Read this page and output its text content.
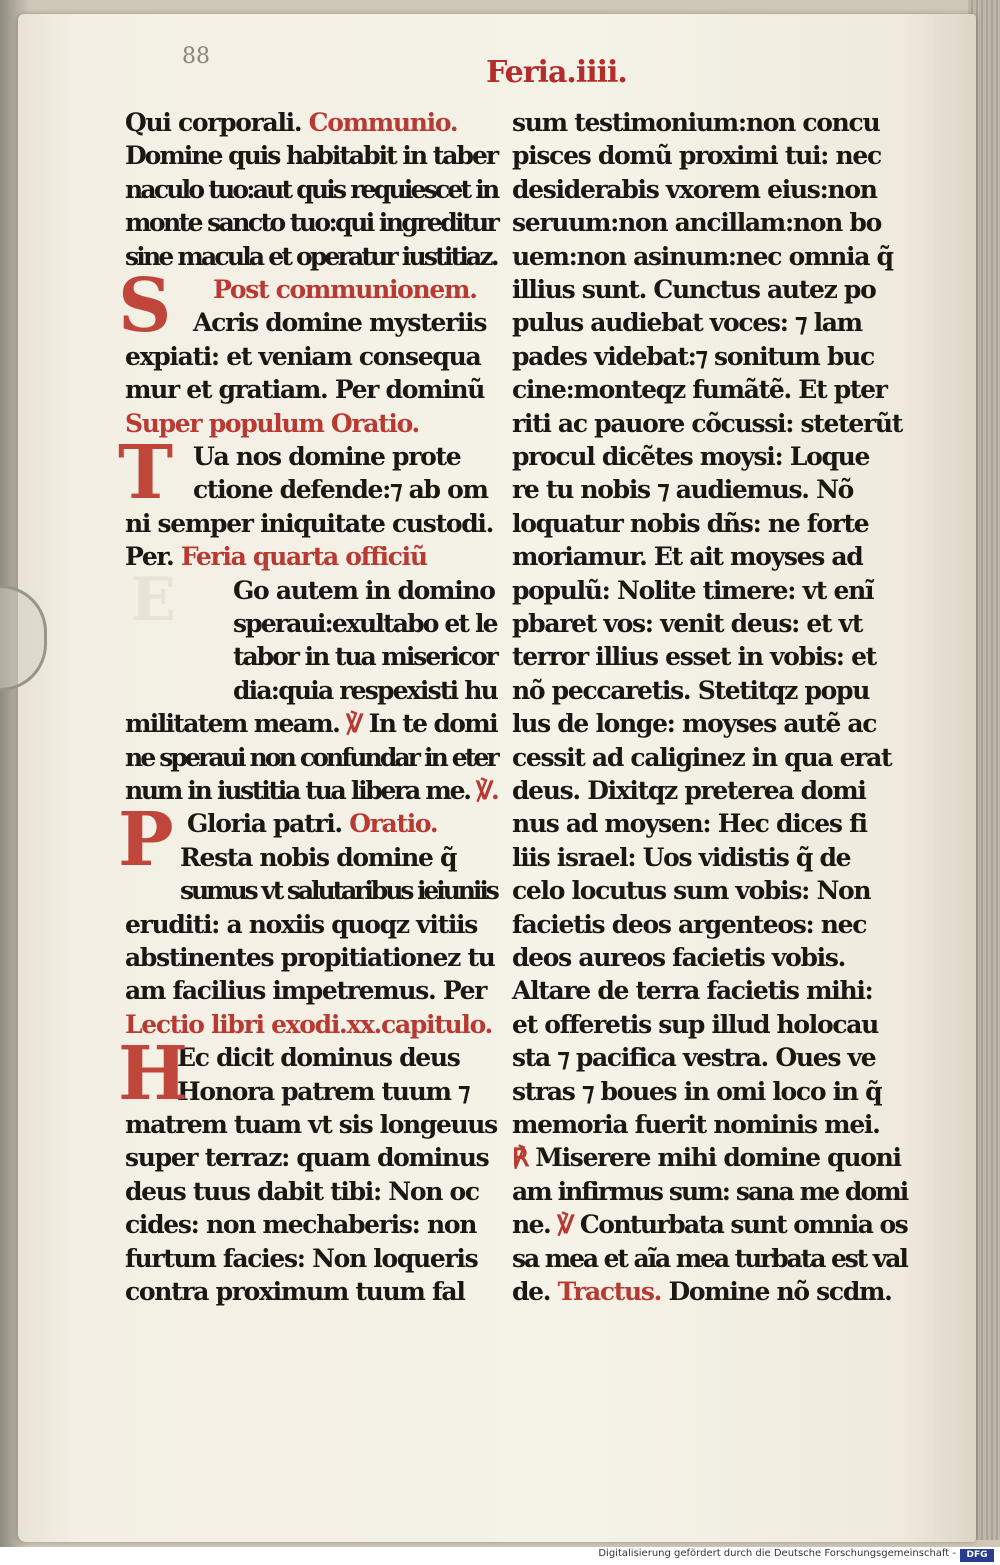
88	Feria.iiii.
Qui corporali. Communio.
Domine quis habitabit in taber
naculo tuo:aut quis requiescet in
monte sancto tuo:qui ingreditur
sine macula et operatur iustitiaz.
Post communionem.
Acris domine mysteriis
expiati: et veniam consequa
mur et gratiam. Per dominũ
Super populum Oratio.
Ua nos domine prote
ctione defende:⁊ ab om
ni semper iniquitate custodi.
Per. Feria quarta officiũ
Go autem in domino
speraui:exultabo et le
tabor in tua misericor
dia:quia respexisti hu
militatem meam. ℣ In te domi
ne speraui non confundar in eter
num in iustitia tua libera me. ℣.
Gloria patri. Oratio.
Resta nobis domine q̃
sumus vt salutaribus ieiuniis
eruditi: a noxiis quoqz vitiis
abstinentes propitiationez tu
am facilius impetremus. Per
Lectio libri exodi.xx.capitulo.
Ec dicit dominus deus
Honora patrem tuum ⁊
matrem tuam vt sis longeuus
super terraz: quam dominus
deus tuus dabit tibi: Non oc
cides: non mechaberis: non
furtum facies: Non loqueris
contra proximum tuum fal
S
T
E
P
H
sum testimonium:non concu
pisces domũ proximi tui: nec
desiderabis vxorem eius:non
seruum:non ancillam:non bo
uem:non asinum:nec omnia q̃
illius sunt. Cunctus autez po
pulus audiebat voces: ⁊ lam
pades videbat:⁊ sonitum buc
cine:monteqz fumãtẽ. Et pter
riti ac pauore cõcussi: steterũt
procul dicẽtes moysi: Loque
re tu nobis ⁊ audiemus. Nõ
loquatur nobis dñs: ne forte
moriamur. Et ait moyses ad
populũ: Nolite timere: vt enĩ
pbaret vos: venit deus: et vt
terror illius esset in vobis: et
nõ peccaretis. Stetitqz popu
lus de longe: moyses autẽ ac
cessit ad caliginez in qua erat
deus. Dixitqz preterea domi
nus ad moysen: Hec dices fi
liis israel: Uos vidistis q̃ de
celo locutus sum vobis: Non
facietis deos argenteos: nec
deos aureos facietis vobis.
Altare de terra facietis mihi:
et offeretis sup illud holocau
sta ⁊ pacifica vestra. Oues ve
stras ⁊ boues in omi loco in q̃
memoria fuerit nominis mei.
℟ Miserere mihi domine quoni
am infirmus sum: sana me domi
ne. ℣ Conturbata sunt omnia os
sa mea et aĩa mea turbata est val
de. Tractus. Domine nõ scdm.
Digitalisierung gefördert durch die Deutsche Forschungsgemeinschaft -	DFG
